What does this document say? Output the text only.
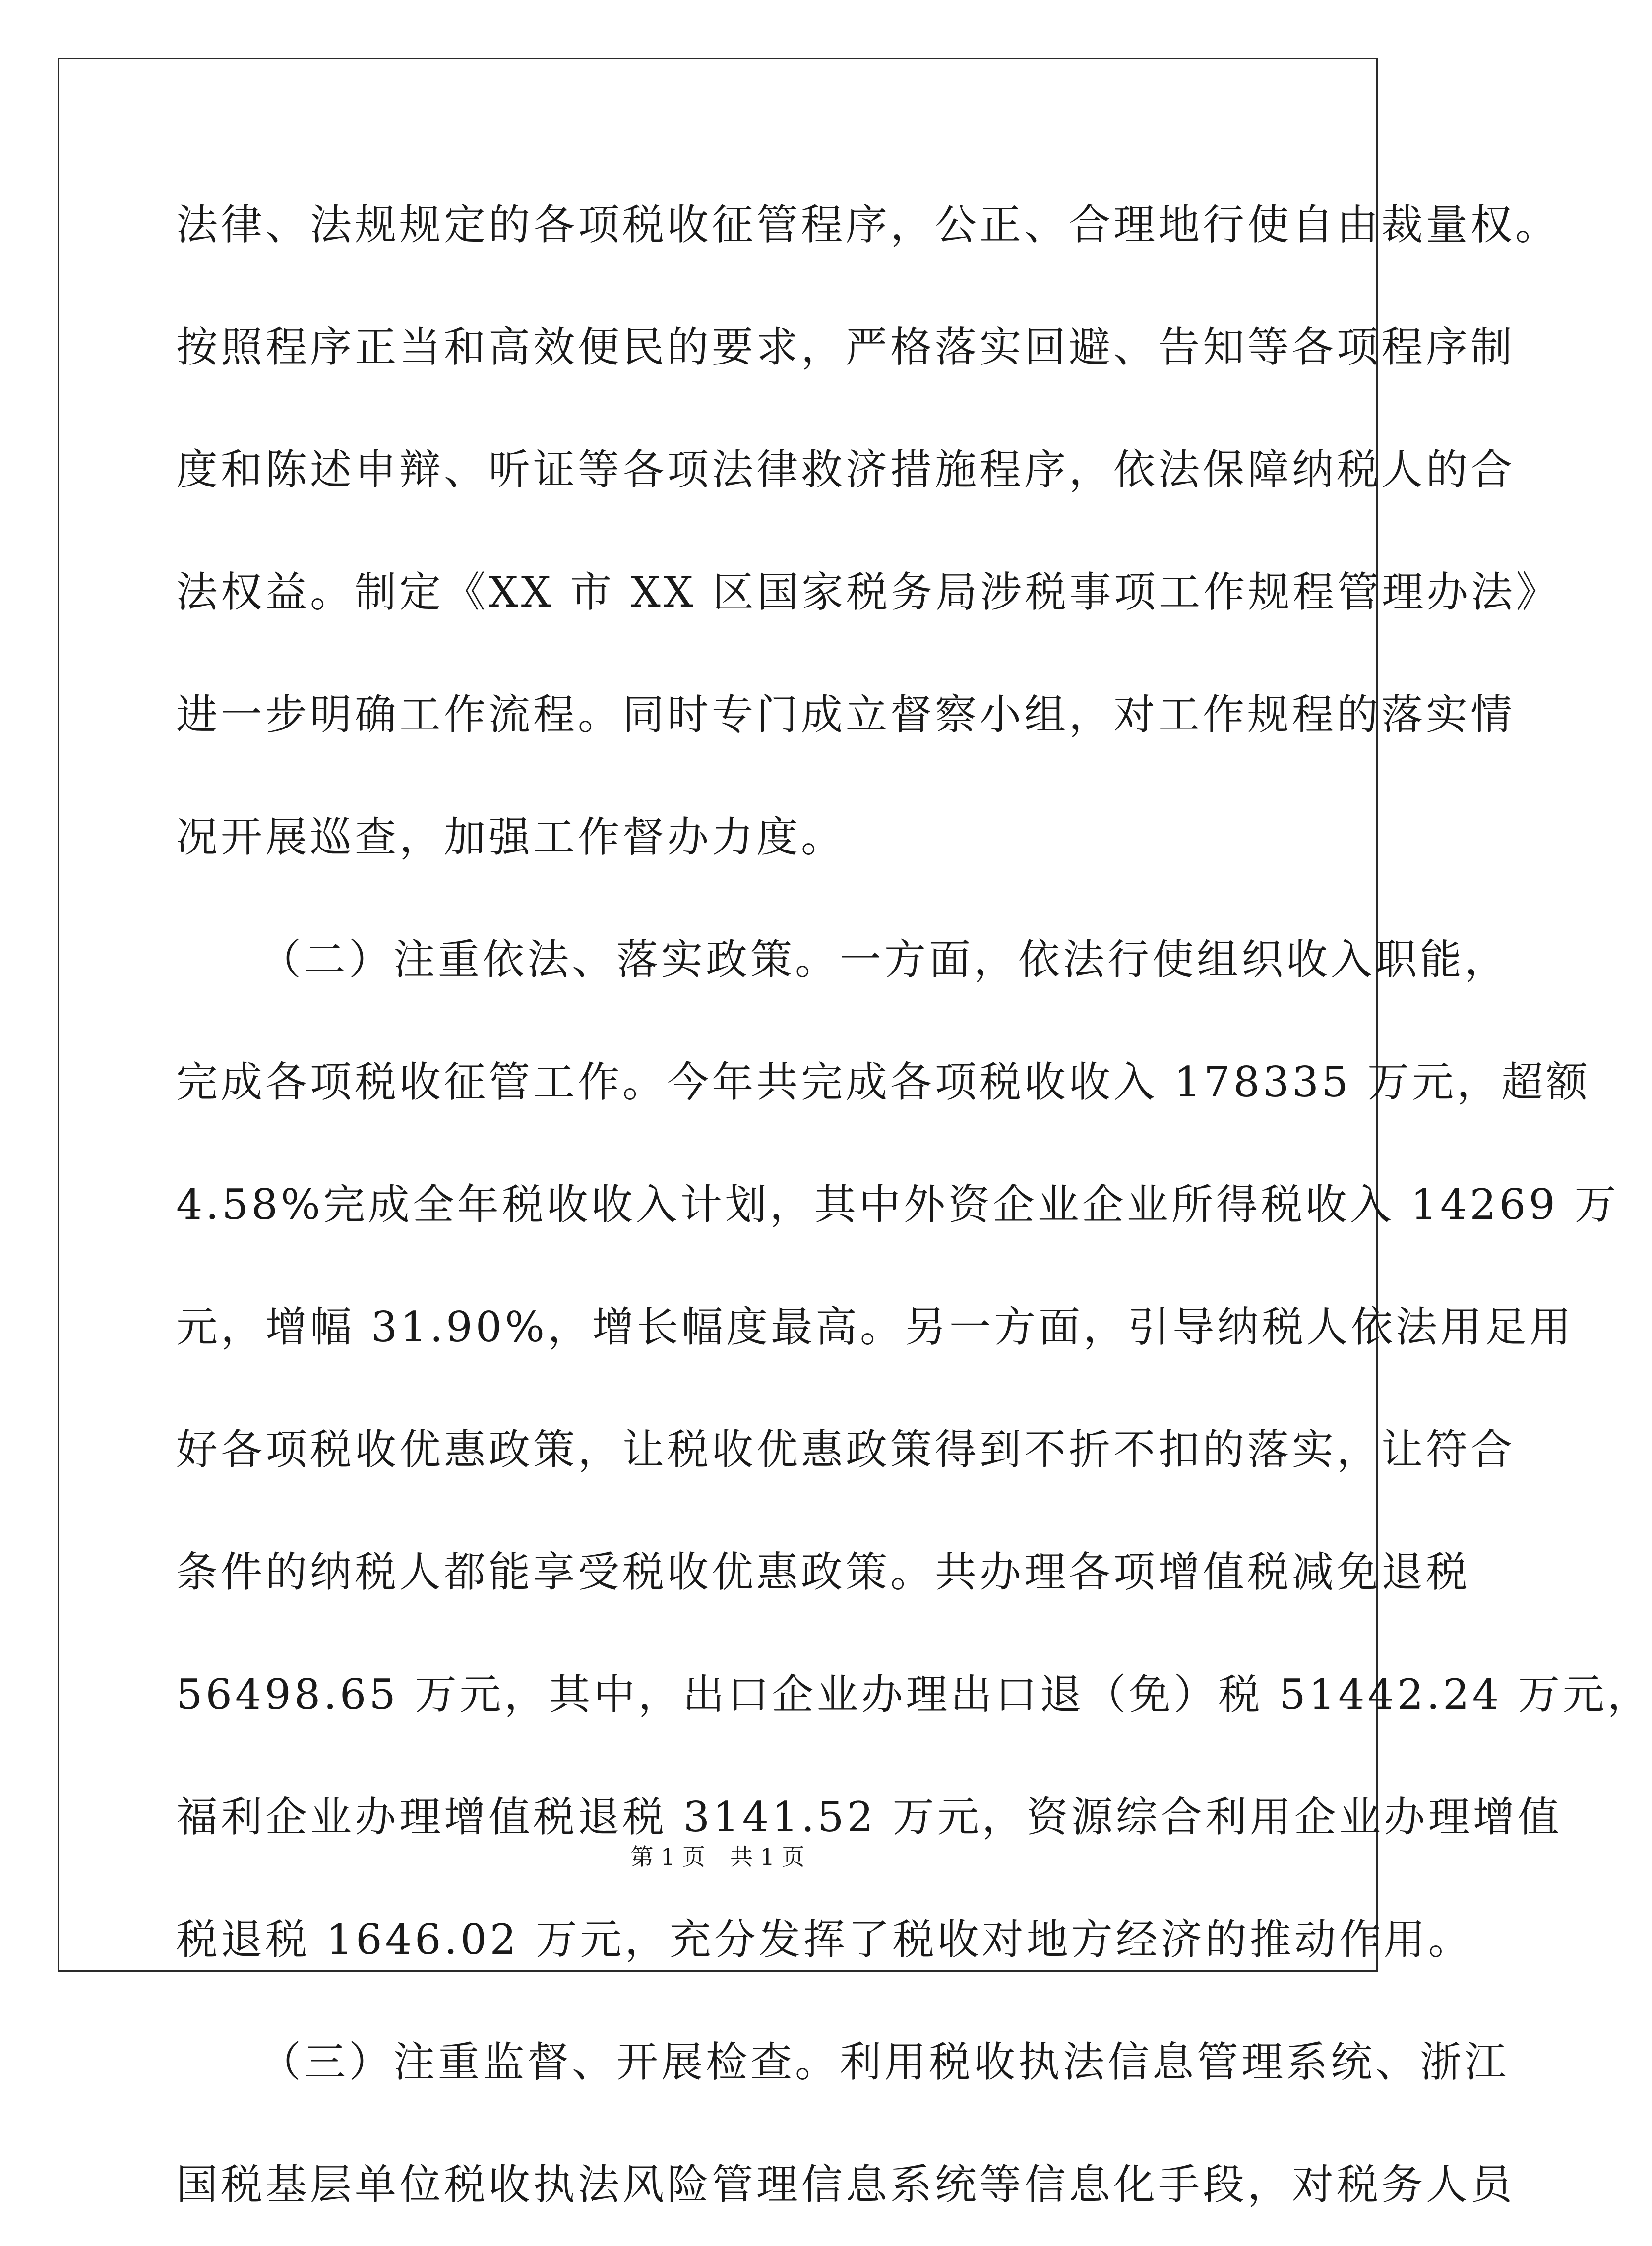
法律、法规规定的各项税收征管程序，公正、合理地行使自由裁量权。
按照程序正当和高效便民的要求，严格落实回避、告知等各项程序制
度和陈述申辩、听证等各项法律救济措施程序，依法保障纳税人的合
法权益。制定《XX 市 XX 区国家税务局涉税事项工作规程管理办法》
进一步明确工作流程。同时专门成立督察小组，对工作规程的落实情
况开展巡查，加强工作督办力度。
（二）注重依法、落实政策。一方面，依法行使组织收入职能，
完成各项税收征管工作。今年共完成各项税收收入 178335 万元，超额
4.58%完成全年税收收入计划，其中外资企业企业所得税收入 14269 万
元，增幅 31.90%，增长幅度最高。另一方面，引导纳税人依法用足用
好各项税收优惠政策，让税收优惠政策得到不折不扣的落实，让符合
条件的纳税人都能享受税收优惠政策。共办理各项增值税减免退税
56498.65 万元，其中，出口企业办理出口退（免）税 51442.24 万元，
福利企业办理增值税退税 3141.52 万元，资源综合利用企业办理增值
税退税 1646.02 万元，充分发挥了税收对地方经济的推动作用。
（三）注重监督、开展检查。利用税收执法信息管理系统、浙江
国税基层单位税收执法风险管理信息系统等信息化手段，对税务人员
第 1 页 共 1 页
